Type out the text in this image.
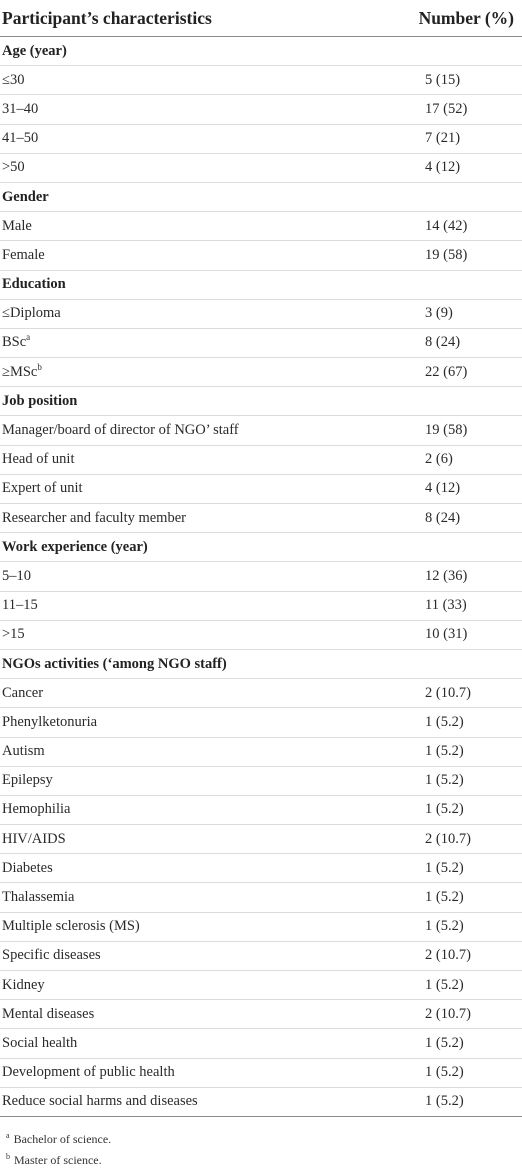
Participant’s characteristics	Number (%)
Age (year)	
≤30	5 (15)
31–40	17 (52)
41–50	7 (21)
>50	4 (12)
Gender	
Male	14 (42)
Female	19 (58)
Education	
≤Diploma	3 (9)
BSc$^a$	8 (24)
≥MSc$^b$	22 (67)
Job position	
Manager/board of director of NGO’ staff	19 (58)
Head of unit	2 (6)
Expert of unit	4 (12)
Researcher and faculty member	8 (24)
Work experience (year)	
5–10	12 (36)
11–15	11 (33)
>15	10 (31)
NGOs activities (‘among NGO staff)	
Cancer	2 (10.7)
Phenylketonuria	1 (5.2)
Autism	1 (5.2)
Epilepsy	1 (5.2)
Hemophilia	1 (5.2)
HIV/AIDS	2 (10.7)
Diabetes	1 (5.2)
Thalassemia	1 (5.2)
Multiple sclerosis (MS)	1 (5.2)
Specific diseases	2 (10.7)
Kidney	1 (5.2)
Mental diseases	2 (10.7)
Social health	1 (5.2)
Development of public health	1 (5.2)
Reduce social harms and diseases	1 (5.2)
$^a$ Bachelor of science.
$^b$ Master of science.
